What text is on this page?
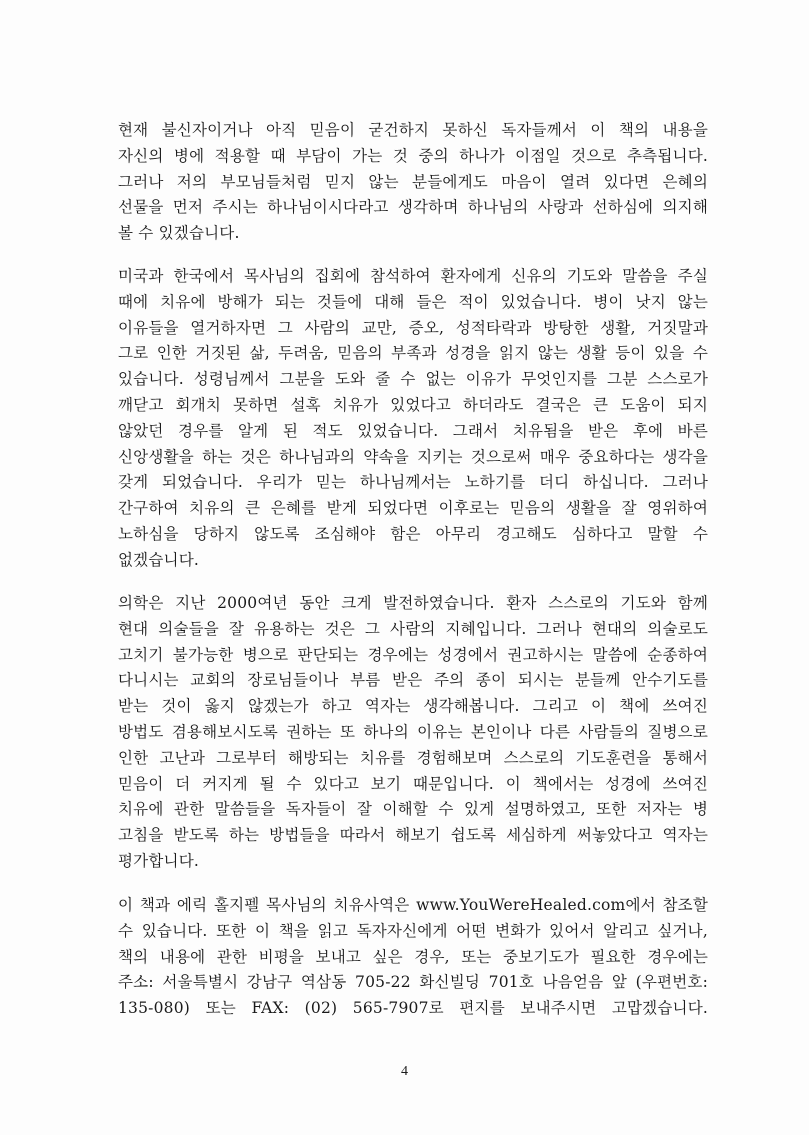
현재 불신자이거나 아직 믿음이 굳건하지 못하신 독자들께서 이 책의 내용을
자신의 병에 적용할 때 부담이 가는 것 중의 하나가 이점일 것으로 추측됩니다.
그러나 저의 부모님들처럼 믿지 않는 분들에게도 마음이 열려 있다면 은혜의
선물을 먼저 주시는 하나님이시다라고 생각하며 하나님의 사랑과 선하심에 의지해
볼 수 있겠습니다.
미국과 한국에서 목사님의 집회에 참석하여 환자에게 신유의 기도와 말씀을 주실
때에 치유에 방해가 되는 것들에 대해 들은 적이 있었습니다. 병이 낫지 않는
이유들을 열거하자면 그 사람의 교만, 증오, 성적타락과 방탕한 생활, 거짓말과
그로 인한 거짓된 삶, 두려움, 믿음의 부족과 성경을 읽지 않는 생활 등이 있을 수
있습니다. 성령님께서 그분을 도와 줄 수 없는 이유가 무엇인지를 그분 스스로가
깨닫고 회개치 못하면 설혹 치유가 있었다고 하더라도 결국은 큰 도움이 되지
않았던 경우를 알게 된 적도 있었습니다. 그래서 치유됨을 받은 후에 바른
신앙생활을 하는 것은 하나님과의 약속을 지키는 것으로써 매우 중요하다는 생각을
갖게 되었습니다. 우리가 믿는 하나님께서는 노하기를 더디 하십니다. 그러나
간구하여 치유의 큰 은혜를 받게 되었다면 이후로는 믿음의 생활을 잘 영위하여
노하심을 당하지 않도록 조심해야 함은 아무리 경고해도 심하다고 말할 수
없겠습니다.
의학은 지난 2000여년 동안 크게 발전하였습니다. 환자 스스로의 기도와 함께
현대 의술들을 잘 유용하는 것은 그 사람의 지혜입니다. 그러나 현대의 의술로도
고치기 불가능한 병으로 판단되는 경우에는 성경에서 권고하시는 말씀에 순종하여
다니시는 교회의 장로님들이나 부름 받은 주의 종이 되시는 분들께 안수기도를
받는 것이 옳지 않겠는가 하고 역자는 생각해봅니다. 그리고 이 책에 쓰여진
방법도 겸용해보시도록 권하는 또 하나의 이유는 본인이나 다른 사람들의 질병으로
인한 고난과 그로부터 해방되는 치유를 경험해보며 스스로의 기도훈련을 통해서
믿음이 더 커지게 될 수 있다고 보기 때문입니다. 이 책에서는 성경에 쓰여진
치유에 관한 말씀들을 독자들이 잘 이해할 수 있게 설명하였고, 또한 저자는 병
고침을 받도록 하는 방법들을 따라서 해보기 쉽도록 세심하게 써놓았다고 역자는
평가합니다.
이 책과 에릭 홀지펠 목사님의 치유사역은 www.YouWereHealed.com에서 참조할
수 있습니다. 또한 이 책을 읽고 독자자신에게 어떤 변화가 있어서 알리고 싶거나,
책의 내용에 관한 비평을 보내고 싶은 경우, 또는 중보기도가 필요한 경우에는
주소: 서울특별시 강남구 역삼동 705-22 화신빌딩 701호 나음얻음 앞 (우편번호:
135-080) 또는 FAX: (02) 565-7907로 편지를 보내주시면 고맙겠습니다.
4
